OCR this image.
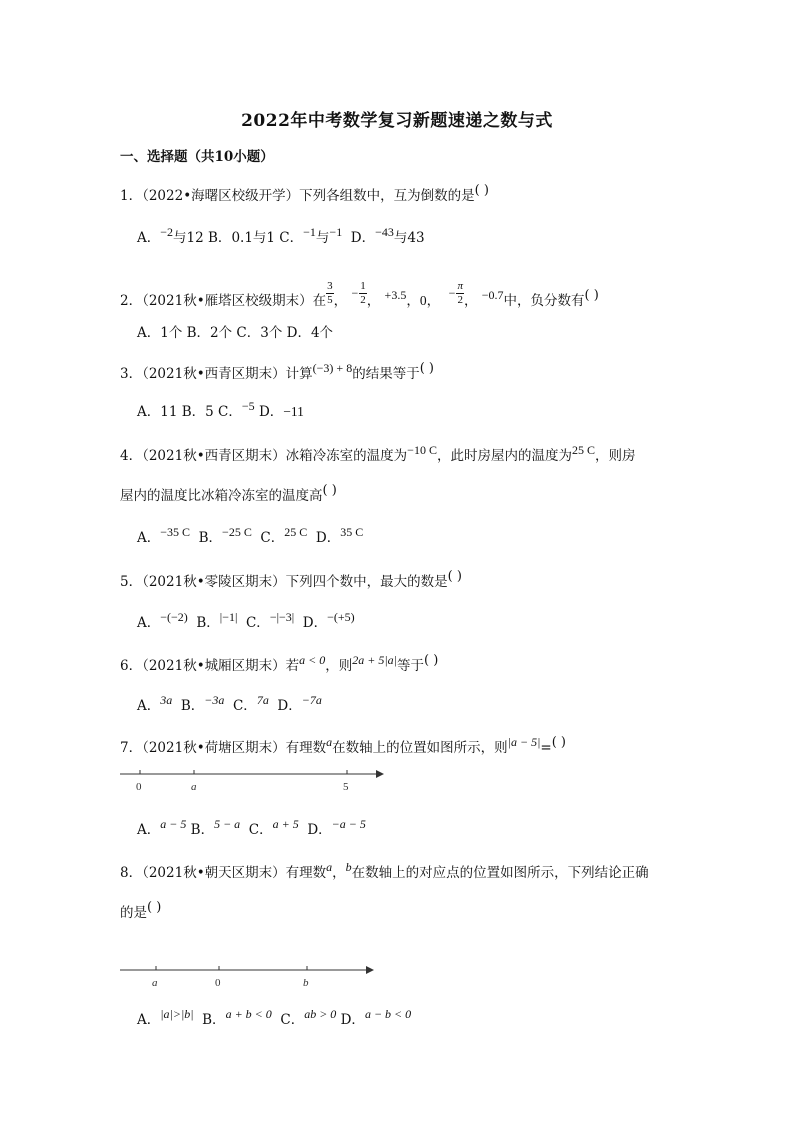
2022年中考数学复习新题速递之数与式
一、选择题（共10小题）
1．（2022•海曙区校级开学）下列各组数中，互为倒数的是( )
A．−2与12 B．0.1与1 C．−1与−1 D．−43与43
2．（2021秋•雁塔区校级期末）在 $\frac{3}{5}$ ， − $\frac{1}{2}$ ， +3.5，0， − $\frac{\pi}{2}$ ， −0.7中，负分数有( )
A．1个 B．2个 C．3个 D．4个
3．（2021秋•西青区期末）计算(−3) + 8的结果等于( )
A．11 B．5 C．−5 D．−11
4．（2021秋•西青区期末）冰箱冷冻室的温度为−10 C，此时房屋内的温度为25 C，则房
屋内的温度比冰箱冷冻室的温度高( )
A．−35 C B．−25 C C．25 C D．35 C
5．（2021秋•零陵区期末）下列四个数中，最大的数是( )
A．−(−2) B．|−1| C．−|−3| D．−(+5)
6．（2021秋•城厢区期末）若a < 0，则2a + 5|a|等于( )
A．3a B．−3a C．7a D．−7a
7．（2021秋•荷塘区期末）有理数a在数轴上的位置如图所示，则|a − 5|=( )
0	a	5
A．a − 5 B．5 − a C．a + 5 D．−a − 5
8．（2021秋•朝天区期末）有理数a，b在数轴上的对应点的位置如图所示，下列结论正确
的是( )
a	0	b
A．|a|>|b| B．a + b < 0 C．ab > 0 D．a − b < 0
